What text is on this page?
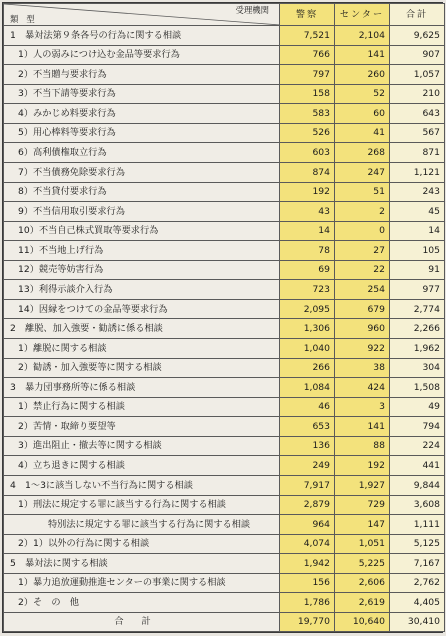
受理機関
類型	警察	センター	合計
1　暴対法第９条各号の行為に関する相談	7,521	2,104	9,625
1）人の弱みにつけ込む金品等要求行為	766	141	907
2）不当贈与要求行為	797	260	1,057
3）不当下請等要求行為	158	52	210
4）みかじめ料要求行為	583	60	643
5）用心棒料等要求行為	526	41	567
6）高利債権取立行為	603	268	871
7）不当債務免除要求行為	874	247	1,121
8）不当貸付要求行為	192	51	243
9）不当信用取引要求行為	43	2	45
10）不当自己株式買取等要求行為	14	0	14
11）不当地上げ行為	78	27	105
12）競売等妨害行為	69	22	91
13）利得示談介入行為	723	254	977
14）因縁をつけての金品等要求行為	2,095	679	2,774
2　離脱、加入強要・勧誘に係る相談	1,306	960	2,266
1）離脱に関する相談	1,040	922	1,962
2）勧誘・加入強要等に関する相談	266	38	304
3　暴力団事務所等に係る相談	1,084	424	1,508
1）禁止行為に関する相談	46	3	49
2）苦情・取締り要望等	653	141	794
3）進出阻止・撤去等に関する相談	136	88	224
4）立ち退きに関する相談	249	192	441
4　1～3に該当しない不当行為に関する相談	7,917	1,927	9,844
1）刑法に規定する罪に該当する行為に関する相談	2,879	729	3,608
特別法に規定する罪に該当する行為に関する相談	964	147	1,111
2）1）以外の行為に関する相談	4,074	1,051	5,125
5　暴対法に関する相談	1,942	5,225	7,167
1）暴力追放運動推進センターの事業に関する相談	156	2,606	2,762
2）そ　の　他	1,786	2,619	4,405
合計	19,770	10,640	30,410
